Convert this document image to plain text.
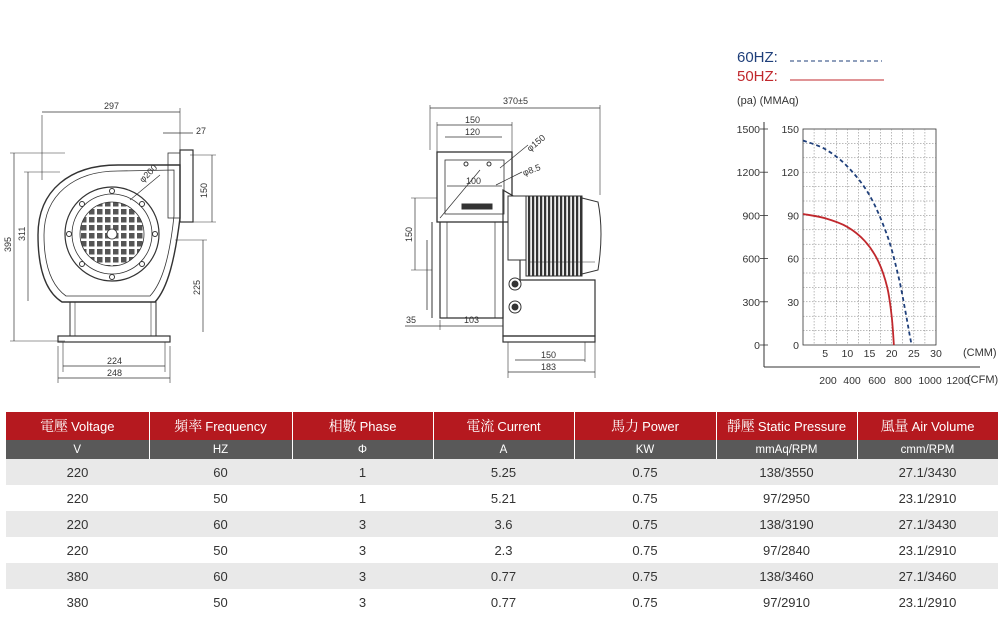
297
27
φ200
150
395
311
225
224
248
370±5
150
120
φ150
φ8.5
100
150
35	103
150
183
60HZ:
50HZ:
(pa) (MMAq)
1500
1200
900
600
300
0
150
120
90
60
30
0
5 10 15 20 25 30
200 400 600 800 1000 1200
(CMM)
(CFM)
電壓 Voltage	頻率 Frequency	相數 Phase	電流 Current	馬力 Power	靜壓 Static Pressure	風量 Air Volume
V	HZ	Φ	A	KW	mmAq/RPM	cmm/RPM
220	60	1	5.25	0.75	138/3550	27.1/3430
220	50	1	5.21	0.75	97/2950	23.1/2910
220	60	3	3.6	0.75	138/3190	27.1/3430
220	50	3	2.3	0.75	97/2840	23.1/2910
380	60	3	0.77	0.75	138/3460	27.1/3460
380	50	3	0.77	0.75	97/2910	23.1/2910
